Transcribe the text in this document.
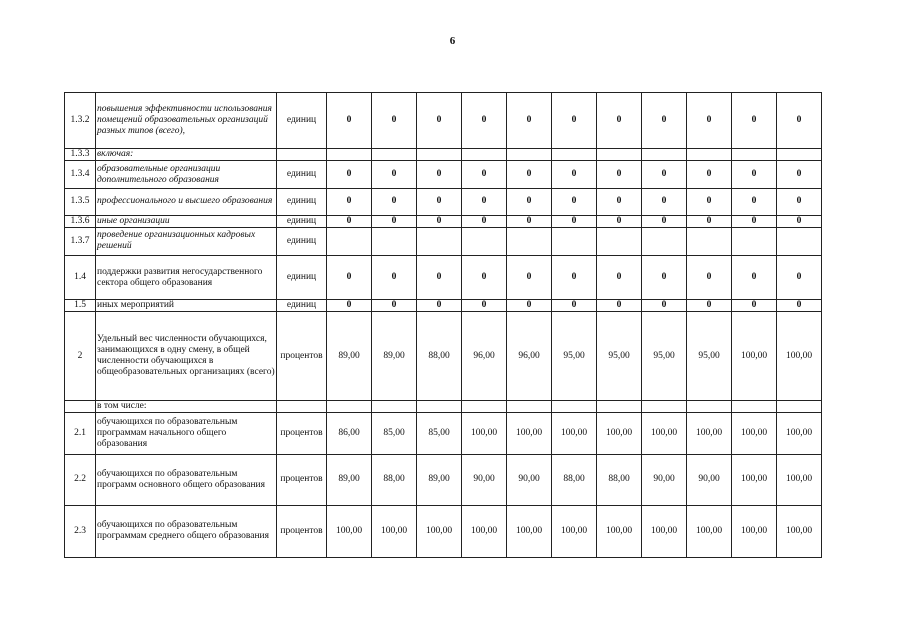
6
1.3.2	повышения эффективности использования помещений образовательных организаций разных типов (всего),	единиц	0	0	0	0	0	0	0	0	0	0	0
1.3.3	включая:												
1.3.4	образовательные организации дополнительного образования	единиц	0	0	0	0	0	0	0	0	0	0	0
1.3.5	профессионального и высшего образования	единиц	0	0	0	0	0	0	0	0	0	0	0
1.3.6	иные организации	единиц	0	0	0	0	0	0	0	0	0	0	0
1.3.7	проведение организационных кадровых решений	единиц											
1.4	поддержки развития негосударственного сектора общего образования	единиц	0	0	0	0	0	0	0	0	0	0	0
1.5	иных мероприятий	единиц	0	0	0	0	0	0	0	0	0	0	0
2	Удельный вес численности обучающихся, занимающихся в одну смену, в общей численности обучающихся в общеобразовательных организациях (всего)	процентов	89,00	89,00	88,00	96,00	96,00	95,00	95,00	95,00	95,00	100,00	100,00
	в том числе:												
2.1	обучающихся по образовательным программам начального общего образования	процентов	86,00	85,00	85,00	100,00	100,00	100,00	100,00	100,00	100,00	100,00	100,00
2.2	обучающихся по образовательным программ основного общего образования	процентов	89,00	88,00	89,00	90,00	90,00	88,00	88,00	90,00	90,00	100,00	100,00
2.3	обучающихся по образовательным программам среднего общего образования	процентов	100,00	100,00	100,00	100,00	100,00	100,00	100,00	100,00	100,00	100,00	100,00
